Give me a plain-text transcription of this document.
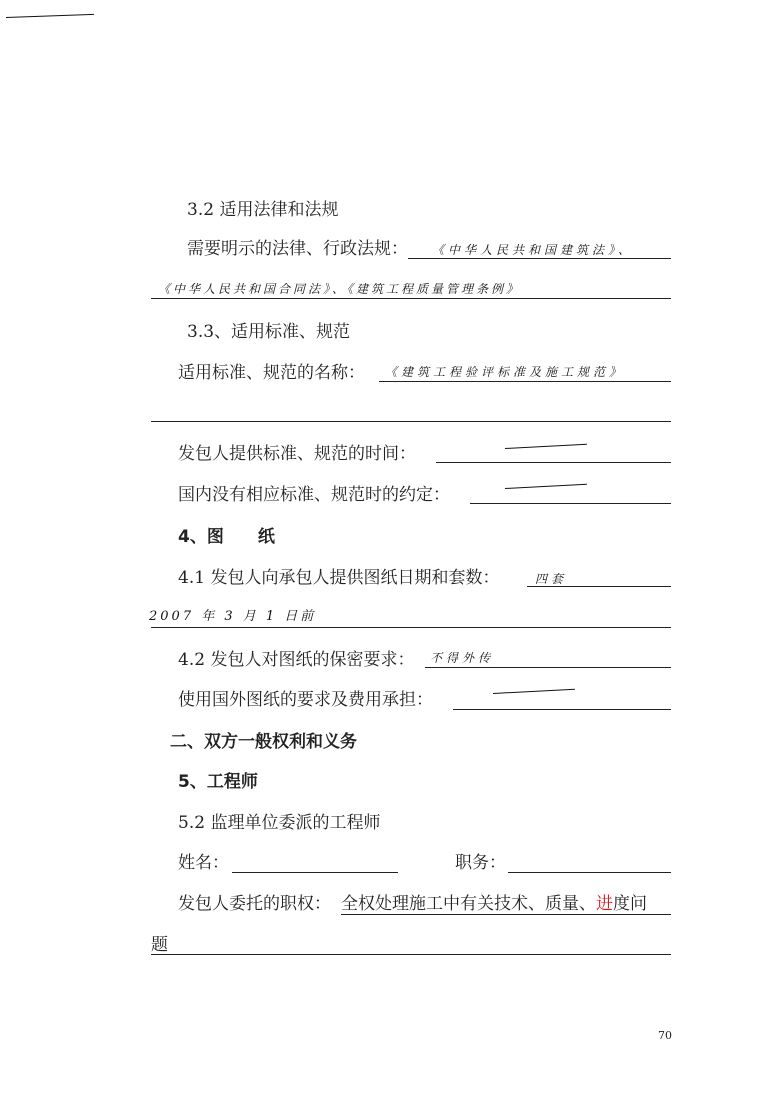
3.2 适用法律和法规
需要明示的法律、行政法规： 《中华人民共和国建筑法》、
《中华人民共和国合同法》、《建筑工程质量管理条例》
3.3、适用标准、规范
适用标准、规范的名称： 《建筑工程验评标准及施工规范》
发包人提供标准、规范的时间：
国内没有相应标准、规范时的约定：
4、图　　纸
4.1 发包人向承包人提供图纸日期和套数：	四套
2007 年 3 月 1 日前
4.2 发包人对图纸的保密要求： 不得外传
使用国外图纸的要求及费用承担：
二、双方一般权利和义务
5、工程师
5.2 监理单位委派的工程师
姓名：	职务：
发包人委托的职权： 全权处理施工中有关技术、质量、进度问
题
70
